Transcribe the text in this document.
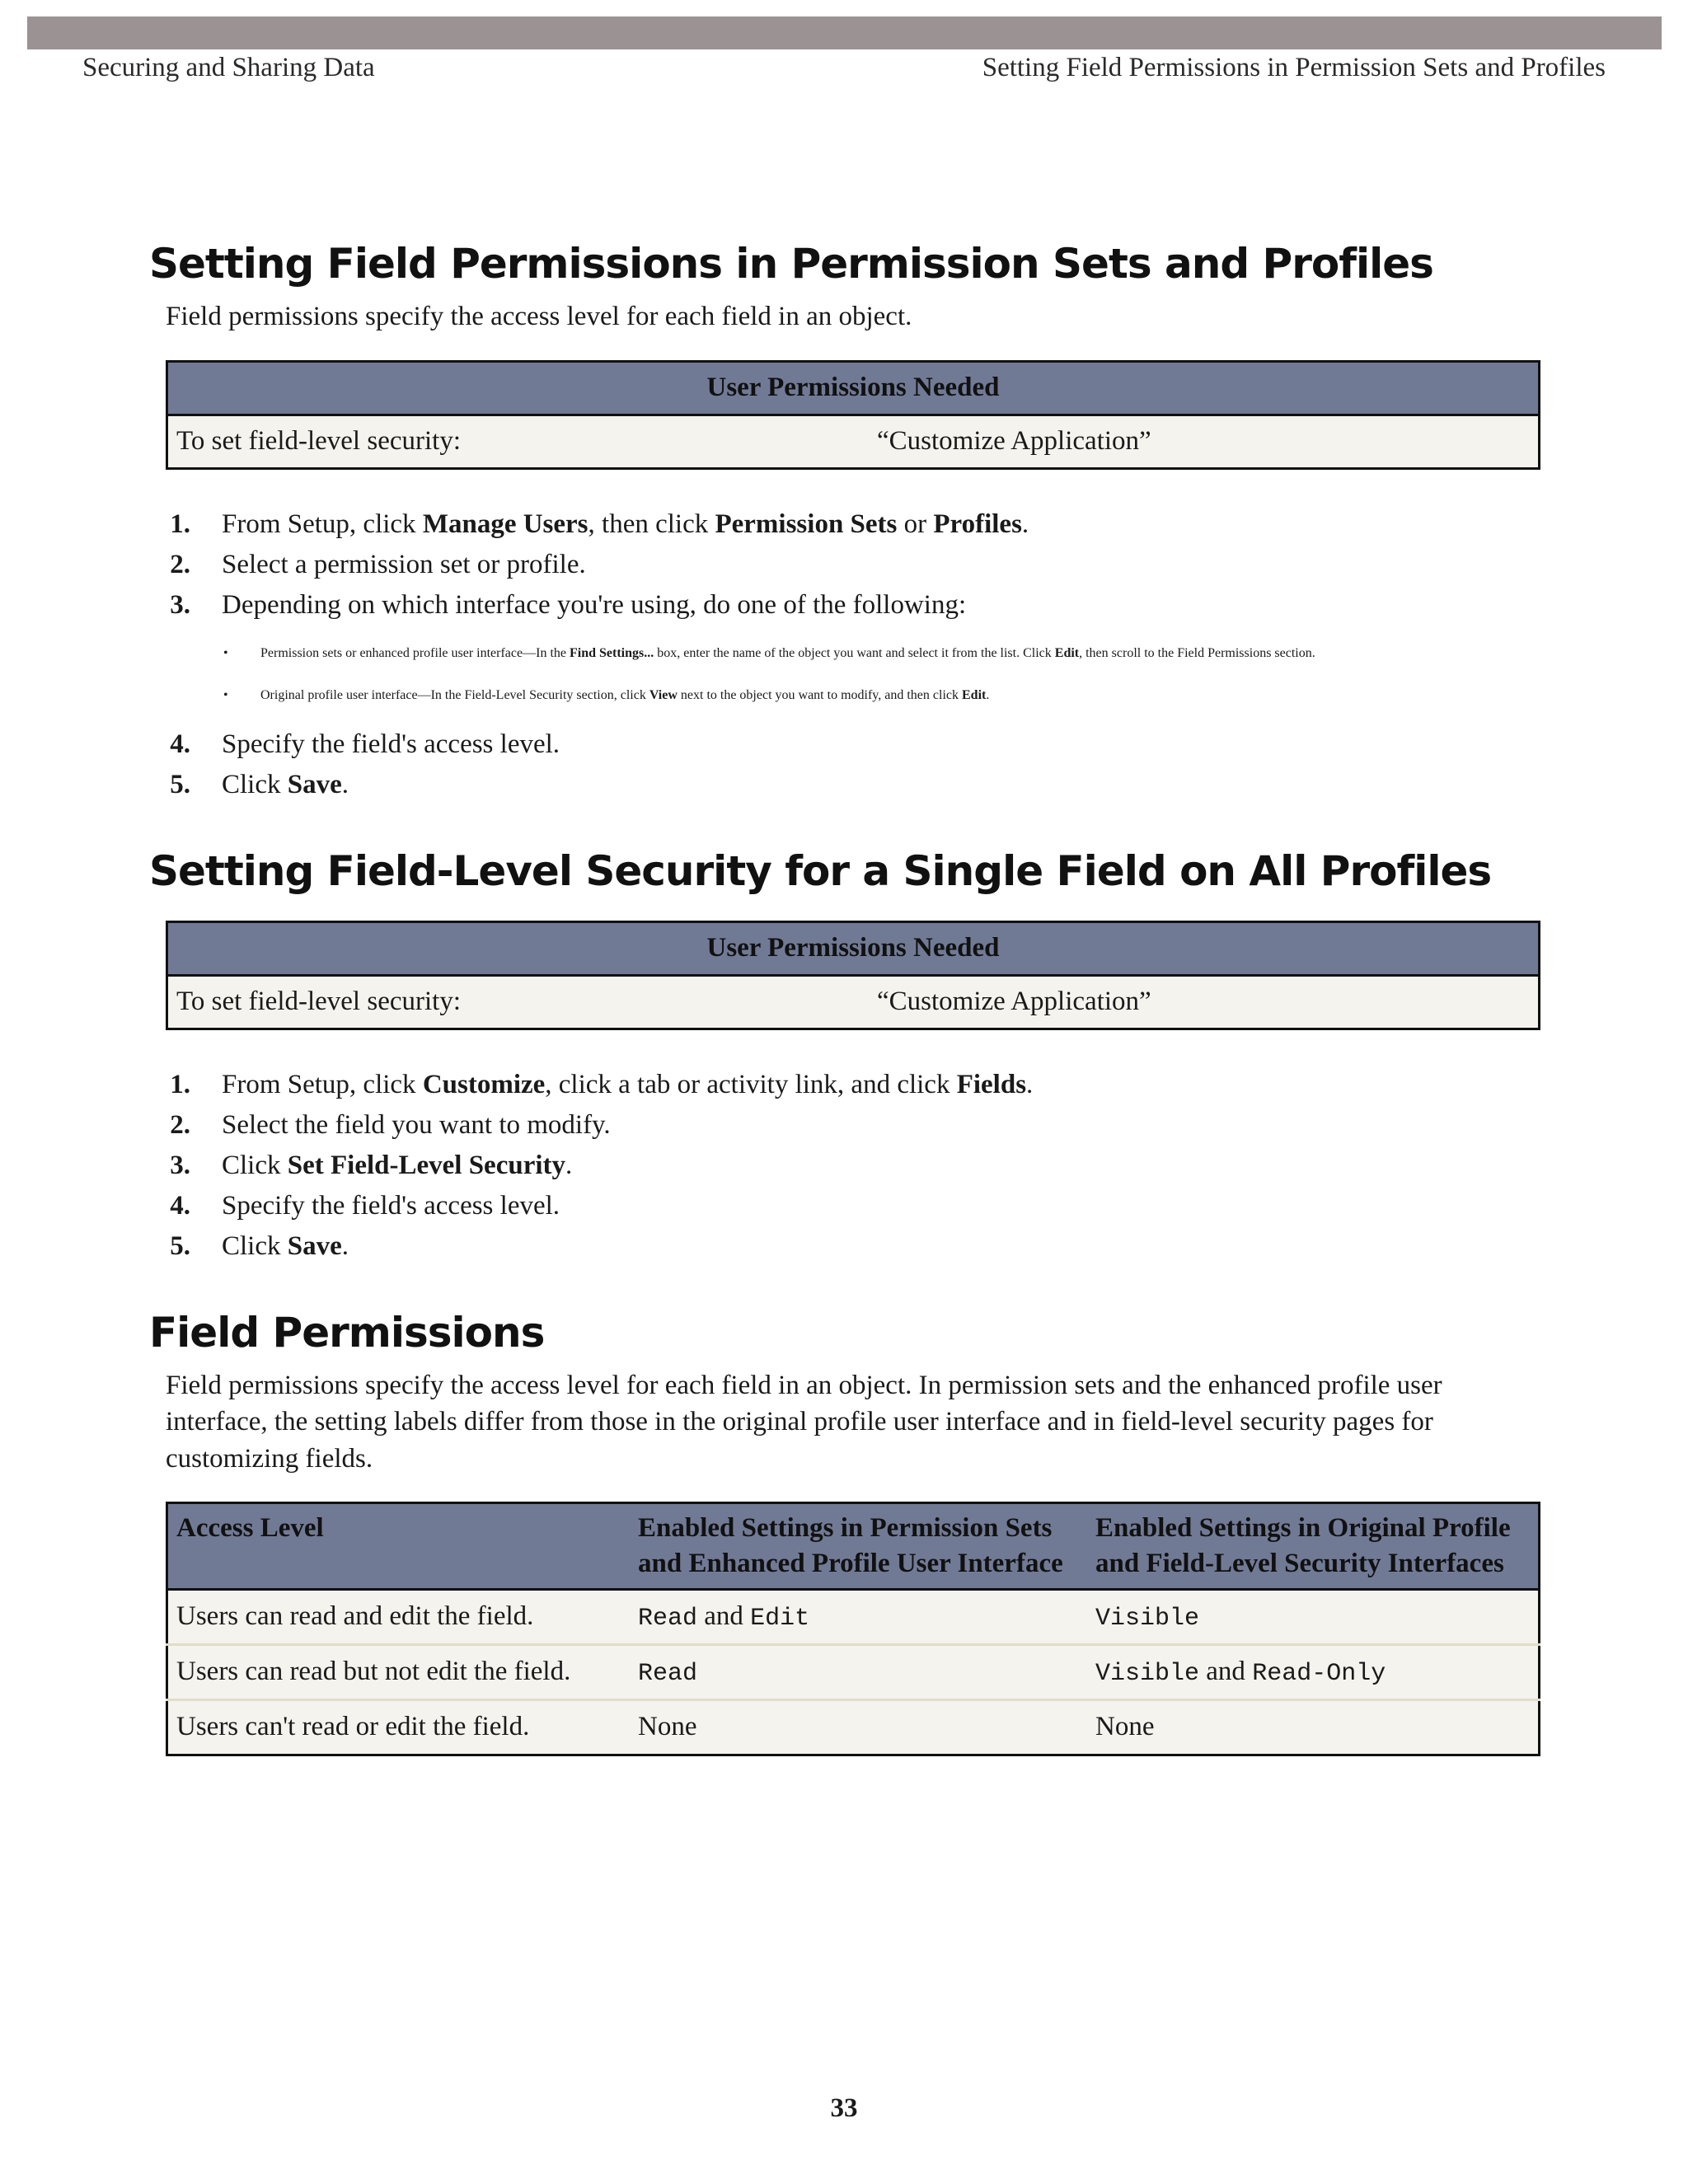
Securing and Sharing Data	Setting Field Permissions in Permission Sets and Profiles
Setting Field Permissions in Permission Sets and Profiles

Field permissions specify the access level for each field in an object.

User Permissions Needed
To set field-level security:	“Customize Application”
1. From Setup, click Manage Users, then click Permission Sets or Profiles.
2. Select a permission set or profile.
3. Depending on which interface you're using, do one of the following:
• Permission sets or enhanced profile user interface—In the Find Settings... box, enter the name of the object you want and select it from the list. Click Edit, then scroll to the Field Permissions section.
• Original profile user interface—In the Field-Level Security section, click View next to the object you want to modify, and then click Edit.
4. Specify the field's access level.
5. Click Save.
Setting Field-Level Security for a Single Field on All Profiles
User Permissions Needed
To set field-level security:	“Customize Application”
1. From Setup, click Customize, click a tab or activity link, and click Fields.
2. Select the field you want to modify.
3. Click Set Field-Level Security.
4. Specify the field's access level.
5. Click Save.
Field Permissions

Field permissions specify the access level for each field in an object. In permission sets and the enhanced profile user interface, the setting labels differ from those in the original profile user interface and in field-level security pages for customizing fields.

Access Level	Enabled Settings in Permission Sets and Enhanced Profile User Interface	Enabled Settings in Original Profile and Field-Level Security Interfaces
Users can read and edit the field.	Read and Edit	Visible
Users can read but not edit the field.	Read	Visible and Read-Only
Users can't read or edit the field.	None	None
33
